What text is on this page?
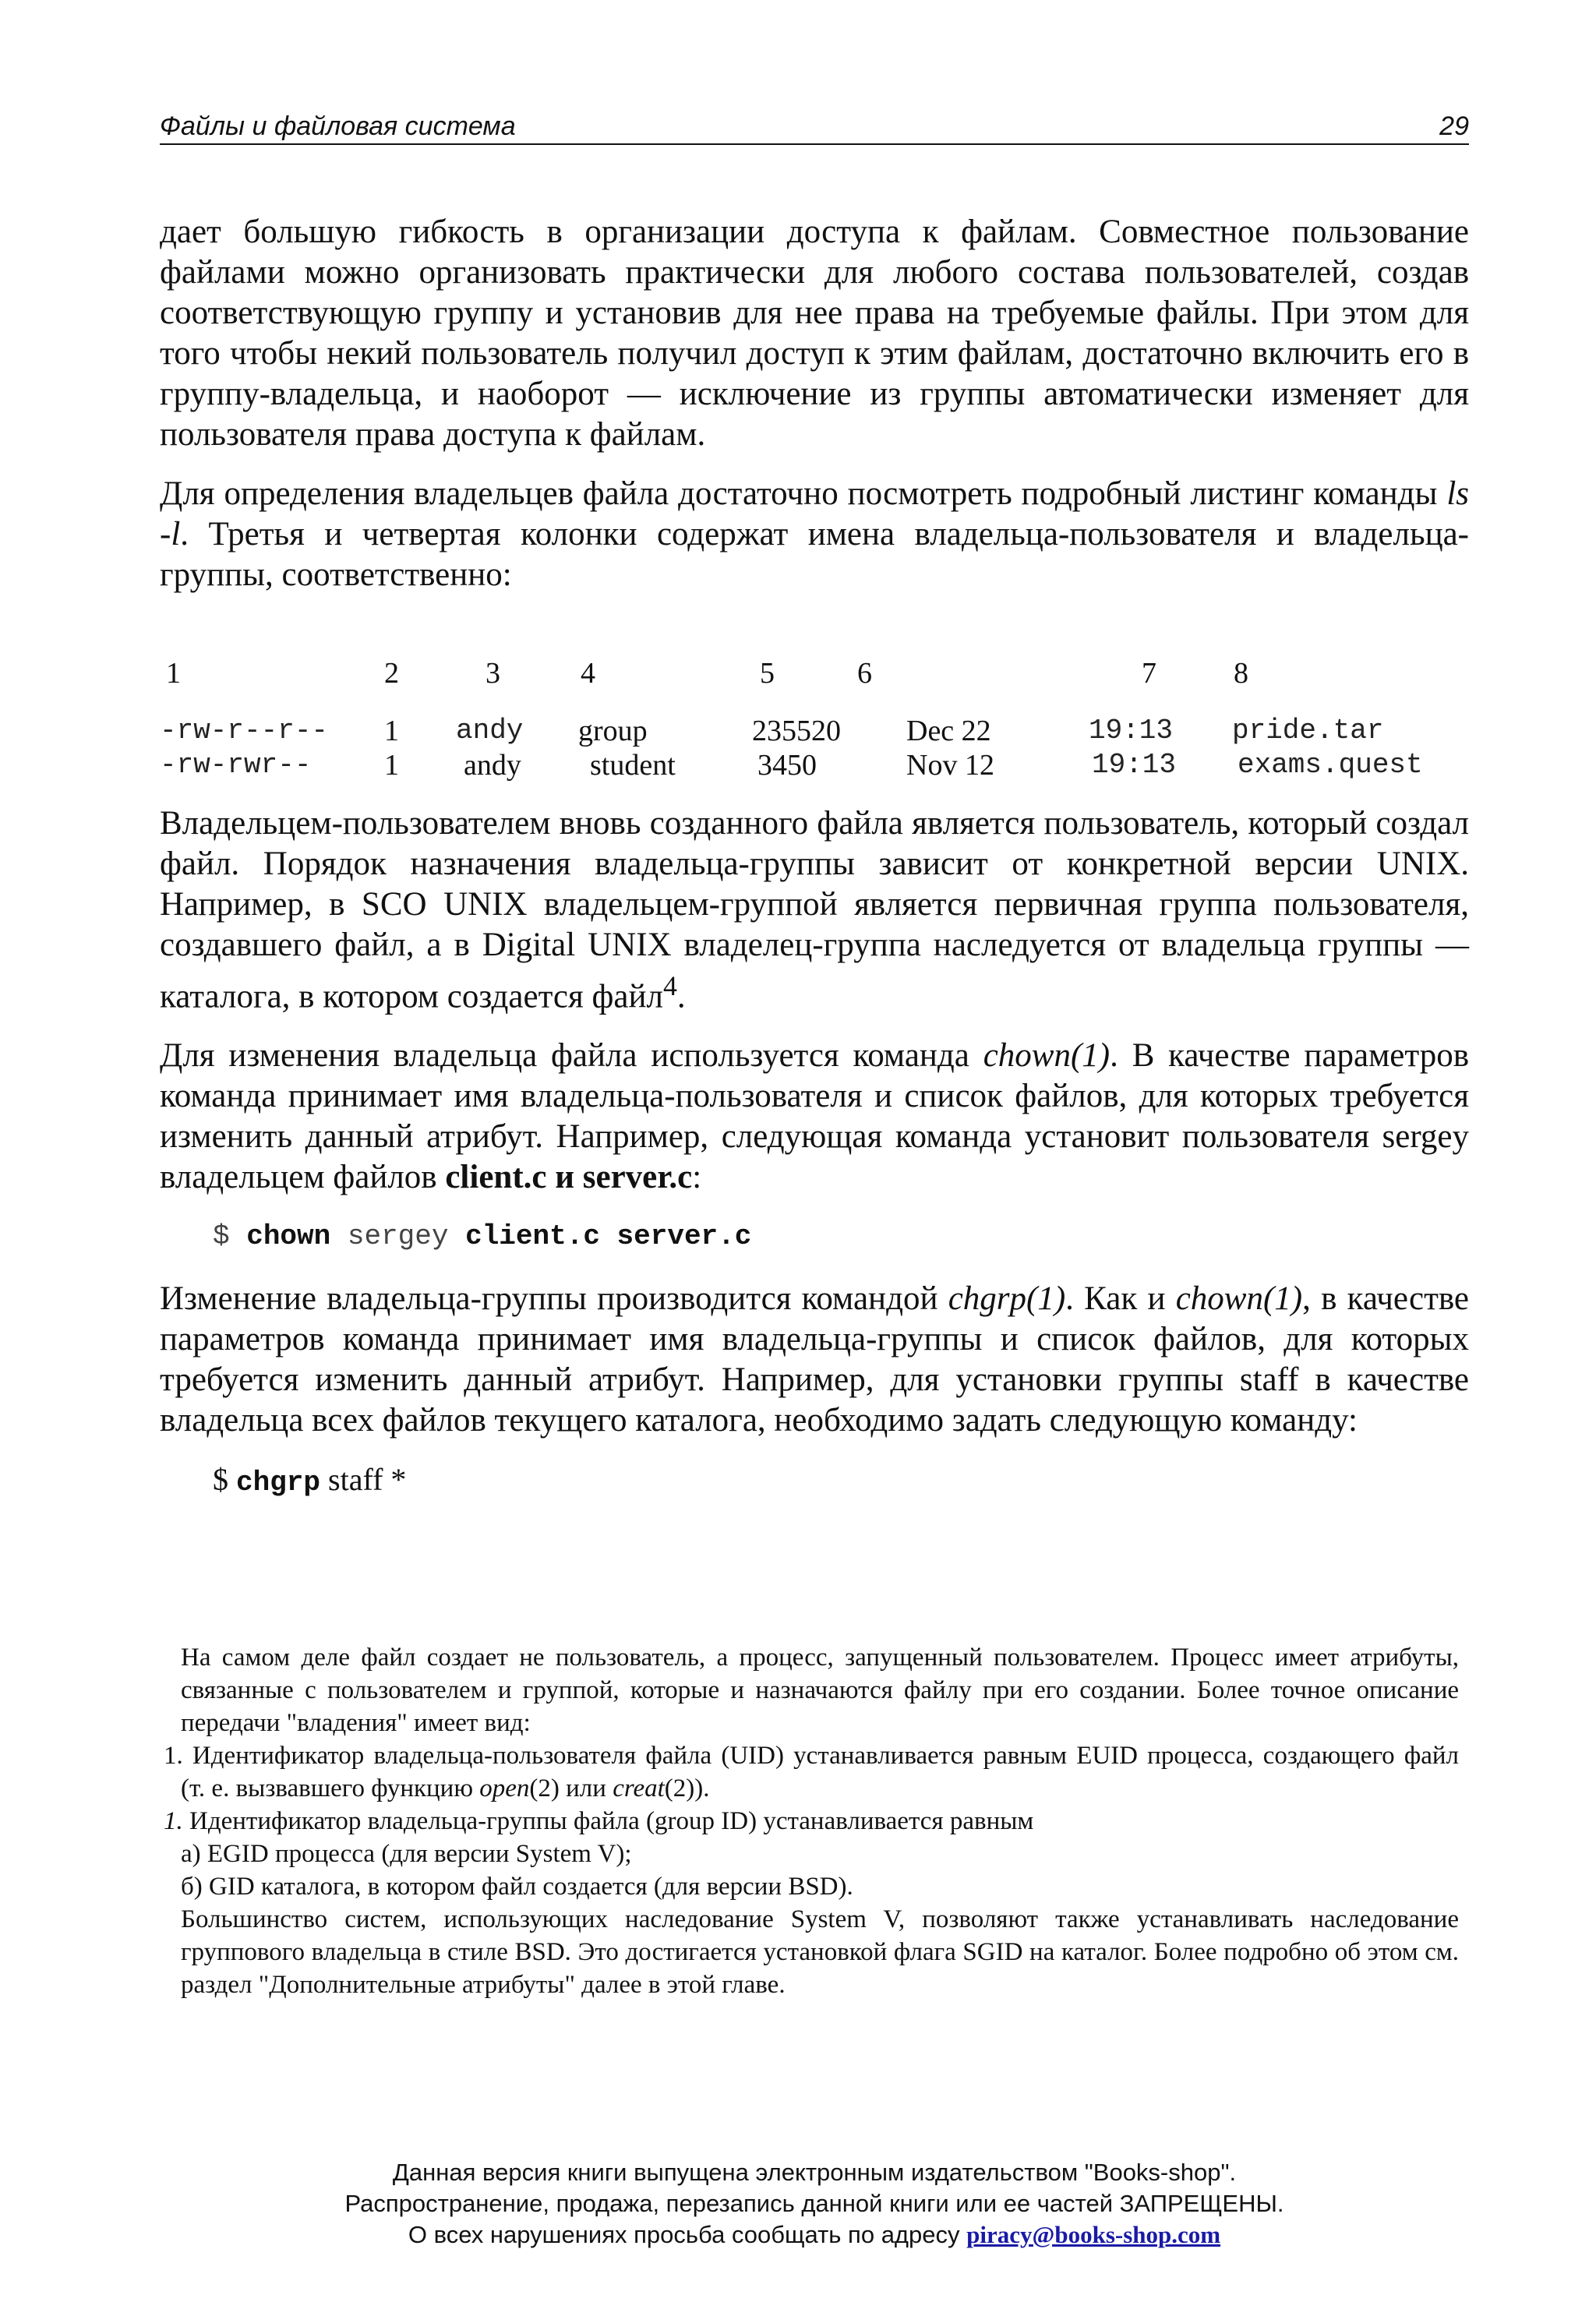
Файлы и файловая система	29

дает большую гибкость в организации доступа к файлам. Совместное пользование файлами можно организовать практически для любого состава пользователей, создав соответствующую группу и установив для нее права на требуемые файлы. При этом для того чтобы некий пользователь получил доступ к этим файлам, достаточно включить его в группу-владельца, и наоборот — исключение из группы автоматически изменяет для пользователя права доступа к файлам.

Для определения владельцев файла достаточно посмотреть подробный листинг команды ls -l. Третья и четвертая колонки содержат имена владельца-пользователя и владельца-группы, соответственно:

1	2	3	4	5	6	7	8
-rw-r--r-- 1 andy group	235520 Dec 22	19:13 pride.tar
-rw-rwr-- 1 andy student	3450	Nov 12	19:13 exams.quest

Владельцем-пользователем вновь созданного файла является пользователь, который создал файл. Порядок назначения владельца-группы зависит от конкретной версии UNIX. Например, в SCO UNIX владельцем-группой является первичная группа пользователя, создавшего файл, а в Digital UNIX владелец-группа наследуется от владельца группы — каталога, в котором создается файл$^4$.

Для изменения владельца файла используется команда chown(1). В качестве параметров команда принимает имя владельца-пользователя и список файлов, для которых требуется изменить данный атрибут. Например, следующая команда установит пользователя sergey владельцем файлов client.c и server.c:

$ chown sergey client.c server.c

Изменение владельца-группы производится командой chgrp(1). Как и chown(1), в качестве параметров команда принимает имя владельца-группы и список файлов, для которых требуется изменить данный атрибут. Например, для установки группы staff в качестве владельца всех файлов текущего каталога, необходимо задать следующую команду:

$ chgrp staff *

На самом деле файл создает не пользователь, а процесс, запущенный пользователем. Процесс имеет атрибуты, связанные с пользователем и группой, которые и назначаются файлу при его создании. Более точное описание передачи "владения" имеет вид:

1. Идентификатор владельца-пользователя файла (UID) устанавливается равным EUID процесса, создающего файл (т. е. вызвавшего функцию open(2) или creat(2)).

1. Идентификатор владельца-группы файла (group ID) устанавливается равным

а) EGID процесса (для версии System V);

б) GID каталога, в котором файл создается (для версии BSD).

Большинство систем, использующих наследование System V, позволяют также устанавливать наследование группового владельца в стиле BSD. Это достигается установкой флага SGID на каталог. Более подробно об этом см. раздел "Дополнительные атрибуты" далее в этой главе.

Данная версия книги выпущена электронным издательством "Books-shop".
Распространение, продажа, перезапись данной книги или ее частей ЗАПРЕЩЕНЫ.
О всех нарушениях просьба сообщать по адресу piracy@books-shop.com
